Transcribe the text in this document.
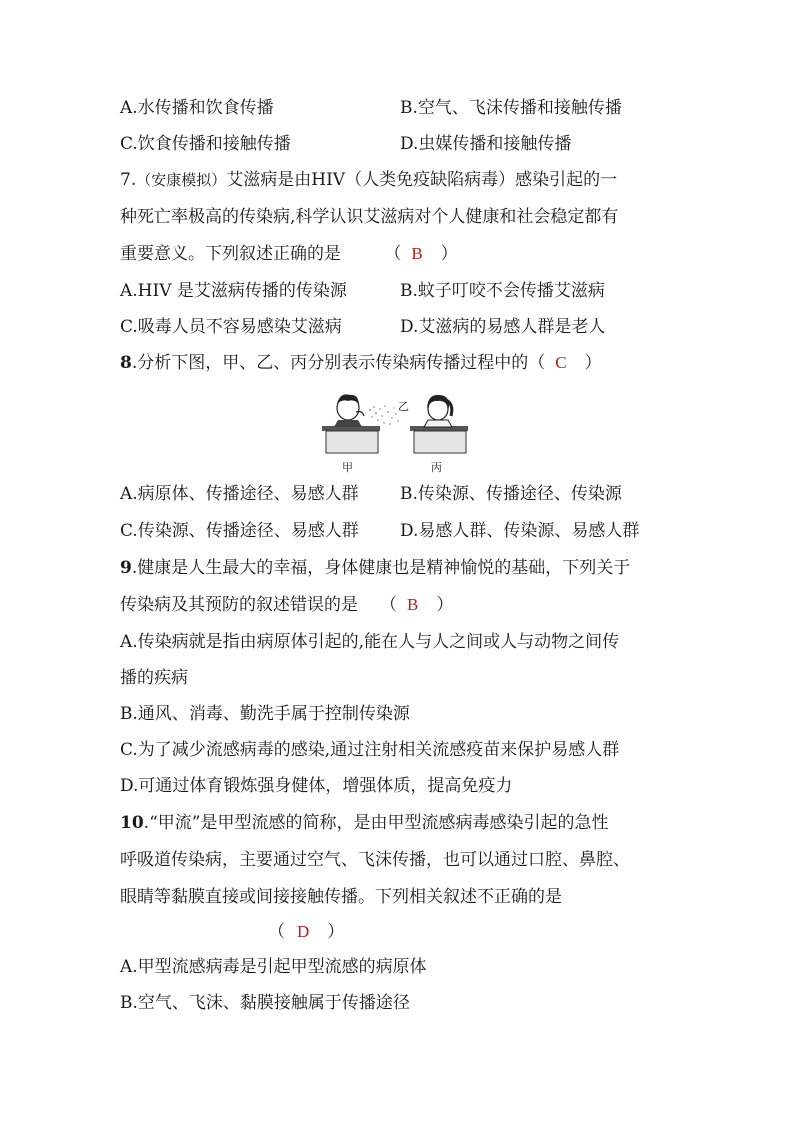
A.水传播和饮食传播	B.空气、飞沫传播和接触传播
C.饮食传播和接触传播	D.虫媒传播和接触传播
7.（安康模拟）艾滋病是由HIV（人类免疫缺陷病毒）感染引起的一
种死亡率极高的传染病,科学认识艾滋病对个人健康和社会稳定都有
重要意义。下列叙述正确的是	（ B ）
A.HIV 是艾滋病传播的传染源	B.蚊子叮咬不会传播艾滋病
C.吸毒人员不容易感染艾滋病	D.艾滋病的易感人群是老人
8.分析下图，甲、乙、丙分别表示传染病传播过程中的（ C ）
乙
甲	丙
A.病原体、传播途径、易感人群 B.传染源、传播途径、传染源
C.传染源、传播途径、易感人群 D.易感人群、传染源、易感人群
9.健康是人生最大的幸福，身体健康也是精神愉悦的基础，下列关于
传染病及其预防的叙述错误的是 （ B ）
A.传染病就是指由病原体引起的,能在人与人之间或人与动物之间传
播的疾病
B.通风、消毒、勤洗手属于控制传染源
C.为了减少流感病毒的感染,通过注射相关流感疫苗来保护易感人群
D.可通过体育锻炼强身健体，增强体质，提高免疫力
10.“甲流”是甲型流感的简称，是由甲型流感病毒感染引起的急性
呼吸道传染病，主要通过空气、飞沫传播，也可以通过口腔、鼻腔、
眼睛等黏膜直接或间接接触传播。下列相关叙述不正确的是
（ D ）
A.甲型流感病毒是引起甲型流感的病原体
B.空气、飞沫、黏膜接触属于传播途径
